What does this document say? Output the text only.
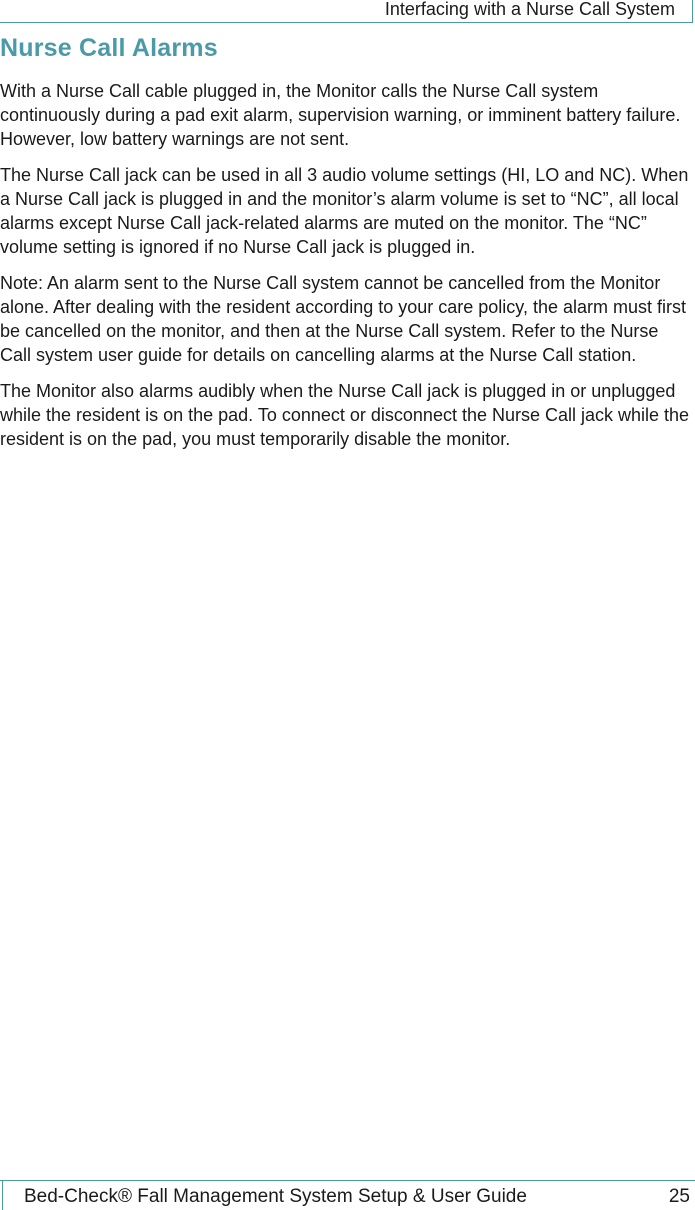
Interfacing with a Nurse Call System
Nurse Call Alarms

With a Nurse Call cable plugged in, the Monitor calls the Nurse Call system continuously during a pad exit alarm, supervision warning, or imminent battery failure. However, low battery warnings are not sent.

The Nurse Call jack can be used in all 3 audio volume settings (HI, LO and NC). When a Nurse Call jack is plugged in and the monitor’s alarm volume is set to “NC”, all local alarms except Nurse Call jack-related alarms are muted on the monitor. The “NC” volume setting is ignored if no Nurse Call jack is plugged in.

Note: An alarm sent to the Nurse Call system cannot be cancelled from the Monitor alone. After dealing with the resident according to your care policy, the alarm must first be cancelled on the monitor, and then at the Nurse Call system. Refer to the Nurse Call system user guide for details on cancelling alarms at the Nurse Call station.

The Monitor also alarms audibly when the Nurse Call jack is plugged in or unplugged while the resident is on the pad. To connect or disconnect the Nurse Call jack while the resident is on the pad, you must temporarily disable the monitor.

Bed-Check® Fall Management System Setup & User Guide	25
